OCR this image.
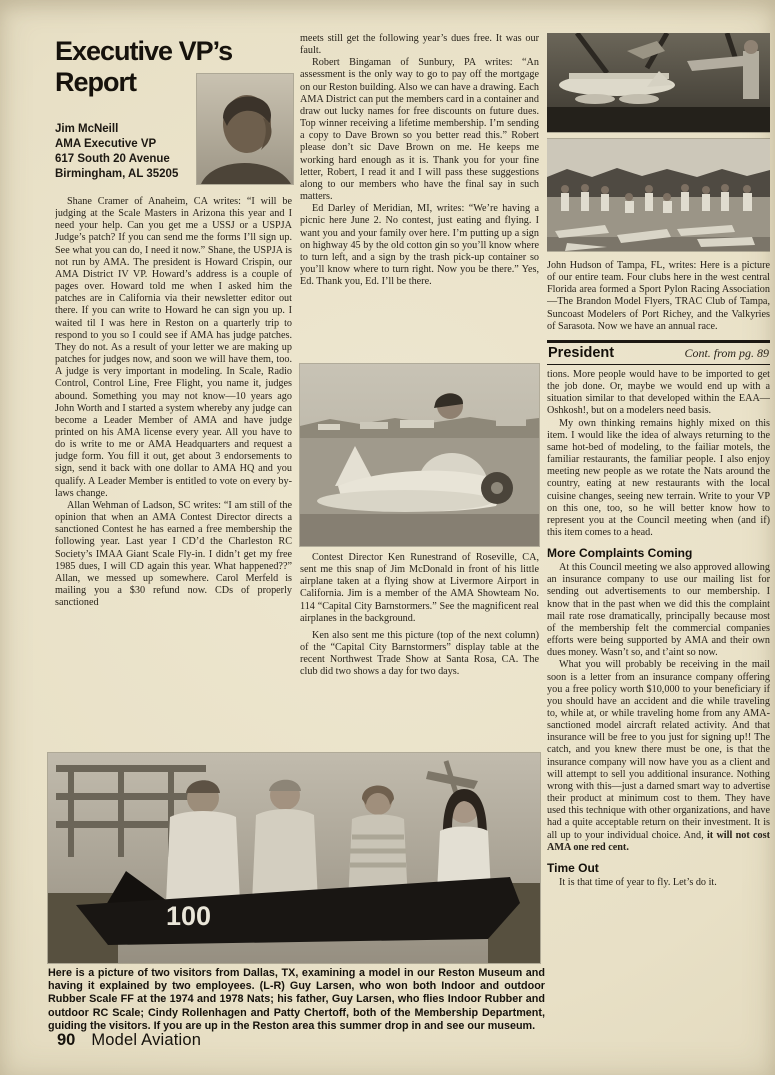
Executive VP’s
Report
Jim McNeill
AMA Executive VP
617 South 20 Avenue
Birmingham, AL 35205

Shane Cramer of Anaheim, CA writes: “I will be judging at the Scale Masters in Arizona this year and I need your help. Can you get me a USSJ or a USPJA Judge’s patch? If you can send me the forms I’ll sign up. See what you can do, I need it now.” Shane, the USPJA is not run by AMA. The president is Howard Crispin, our AMA District IV VP. Howard’s address is a couple of pages over. Howard told me when I asked him the patches are in California via their newsletter editor out there. If you can write to Howard he can sign you up. I waited til I was here in Reston on a quarterly trip to respond to you so I could see if AMA has judge patches. They do not. As a result of your letter we are making up patches for judges now, and soon we will have them, too. A judge is very important in modeling. In Scale, Radio Control, Control Line, Free Flight, you name it, judges abound. Something you may not know—10 years ago John Worth and I started a system whereby any judge can become a Leader Member of AMA and have judge printed on his AMA license every year. All you have to do is write to me or AMA Headquarters and request a judge form. You fill it out, get about 3 endorsements to sign, send it back with one dollar to AMA HQ and you qualify. A Leader Member is entitled to vote on every by-laws change.

Allan Wehman of Ladson, SC writes: “I am still of the opinion that when an AMA Contest Director directs a sanctioned Contest he has earned a free membership the following year. Last year I CD’d the Charleston RC Society’s IMAA Giant Scale Fly-in. I didn’t get my free 1985 dues, I will CD again this year. What happened??” Allan, we messed up somewhere. Carol Merfeld is mailing you a $30 refund now. CDs of properly sanctioned

meets still get the following year’s dues free. It was our fault.

Robert Bingaman of Sunbury, PA writes: “An assessment is the only way to go to pay off the mortgage on our Reston building. Also we can have a drawing. Each AMA District can put the members card in a container and draw out lucky names for free discounts on future dues. Top winner receiving a lifetime membership. I’m sending a copy to Dave Brown so you better read this.” Robert please don’t sic Dave Brown on me. He keeps me working hard enough as it is. Thank you for your fine letter, Robert, I read it and I will pass these suggestions along to our members who have the final say in such matters.

Ed Darley of Meridian, MI, writes: “We’re having a picnic here June 2. No contest, just eating and flying. I want you and your family over here. I’m putting up a sign on highway 45 by the old cotton gin so you’ll know where to turn left, and a sign by the trash pick-up container so you’ll know where to turn right. Now you be there.” Yes, Ed. Thank you, Ed. I’ll be there.

Contest Director Ken Runestrand of Roseville, CA, sent me this snap of Jim McDonald in front of his little airplane taken at a flying show at Livermore Airport in California. Jim is a member of the AMA Showteam No. 114 “Capital City Barnstormers.” See the magnificent real airplanes in the background.

Ken also sent me this picture (top of the next column) of the “Capital City Barnstormers” display table at the recent Northwest Trade Show at Santa Rosa, CA. The club did two shows a day for two days.

John Hudson of Tampa, FL, writes: Here is a picture of our entire team. Four clubs here in the west central Florida area formed a Sport Pylon Racing Association—The Brandon Model Flyers, TRAC Club of Tampa, Suncoast Modelers of Port Richey, and the Valkyries of Sarasota. Now we have an annual race.

President	Cont. from pg. 89

tions. More people would have to be imported to get the job done. Or, maybe we would end up with a situation similar to that developed within the EAA—Oshkosh!, but on a modelers need basis.

My own thinking remains highly mixed on this item. I would like the idea of always returning to the same hot-bed of modeling, to the failiar motels, the familiar restaurants, the familiar people. I also enjoy meeting new people as we rotate the Nats around the country, eating at new restaurants with the local cuisine changes, seeing new terrain. Write to your VP on this one, too, so he will better know how to represent you at the Council meeting when (and if) this item comes to a head.

More Complaints Coming

At this Council meeting we also approved allowing an insurance company to use our mailing list for sending out advertisements to our membership. I know that in the past when we did this the complaint mail rate rose dramatically, principally because most of the membership felt the commercial companies efforts were being supported by AMA and their own dues money. Wasn’t so, and t’aint so now.

What you will probably be receiving in the mail soon is a letter from an insurance company offering you a free policy worth $10,000 to your beneficiary if you should have an accident and die while traveling to, while at, or while traveling home from any AMA-sanctioned model aircraft related activity. And that insurance will be free to you just for signing up!! The catch, and you knew there must be one, is that the insurance company will now have you as a client and will attempt to sell you additional insurance. Nothing wrong with this—just a darned smart way to advertise their product at minimum cost to them. They have used this technique with other organizations, and have had a quite acceptable return on their investment. It is all up to your individual choice. And, it will not cost AMA one red cent.

Time Out

It is that time of year to fly. Let’s do it.

100
Here is a picture of two visitors from Dallas, TX, examining a model in our Reston Museum and having it explained by two employees. (L-R) Guy Larsen, who won both Indoor and outdoor Rubber Scale FF at the 1974 and 1978 Nats; his father, Guy Larsen, who flies Indoor Rubber and outdoor RC Scale; Cindy Rollenhagen and Patty Chertoff, both of the Membership Department, guiding the visitors. If you are up in the Reston area this summer drop in and see our museum.
90 Model Aviation
